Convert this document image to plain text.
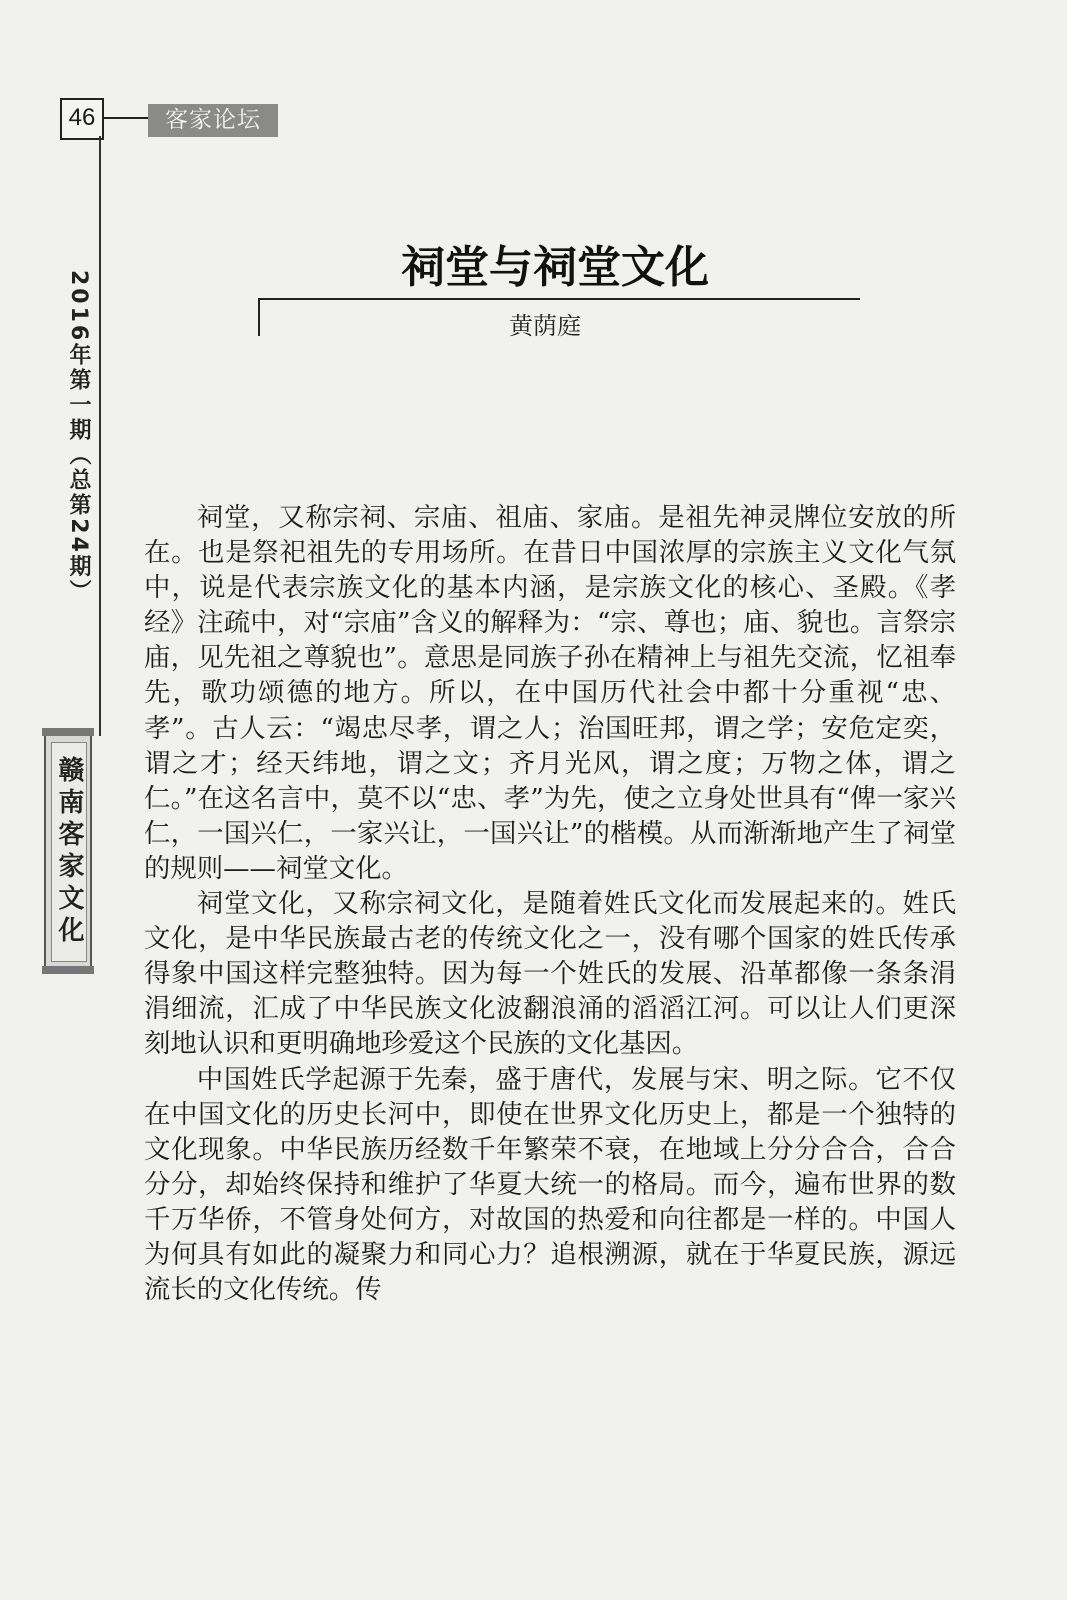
46	客家论坛
2016年第一期（总第24期）
赣南客家文化
祠堂与祠堂文化
黄荫庭

祠堂，又称宗祠、宗庙、祖庙、家庙。是祖先神灵牌位安放的所在。也是祭祀祖先的专用场所。在昔日中国浓厚的宗族主义文化气氛中，说是代表宗族文化的基本内涵，是宗族文化的核心、圣殿。《孝经》注疏中，对“宗庙”含义的解释为：“宗、尊也；庙、貌也。言祭宗庙，见先祖之尊貌也”。意思是同族子孙在精神上与祖先交流，忆祖奉先，歌功颂德的地方。所以，在中国历代社会中都十分重视“忠、孝”。古人云：“竭忠尽孝，谓之人；治国旺邦，谓之学；安危定奕，谓之才；经天纬地，谓之文；齐月光风，谓之度；万物之体，谓之仁。”在这名言中，莫不以“忠、孝”为先，使之立身处世具有“俾一家兴仁，一国兴仁，一家兴让，一国兴让”的楷模。从而渐渐地产生了祠堂的规则——祠堂文化。

祠堂文化，又称宗祠文化，是随着姓氏文化而发展起来的。姓氏文化，是中华民族最古老的传统文化之一，没有哪个国家的姓氏传承得象中国这样完整独特。因为每一个姓氏的发展、沿革都像一条条涓涓细流，汇成了中华民族文化波翻浪涌的滔滔江河。可以让人们更深刻地认识和更明确地珍爱这个民族的文化基因。

中国姓氏学起源于先秦，盛于唐代，发展与宋、明之际。它不仅在中国文化的历史长河中，即使在世界文化历史上，都是一个独特的文化现象。中华民族历经数千年繁荣不衰，在地域上分分合合，合合分分，却始终保持和维护了华夏大统一的格局。而今，遍布世界的数千万华侨，不管身处何方，对故国的热爱和向往都是一样的。中国人为何具有如此的凝聚力和同心力？追根溯源，就在于华夏民族，源远流长的文化传统。传
